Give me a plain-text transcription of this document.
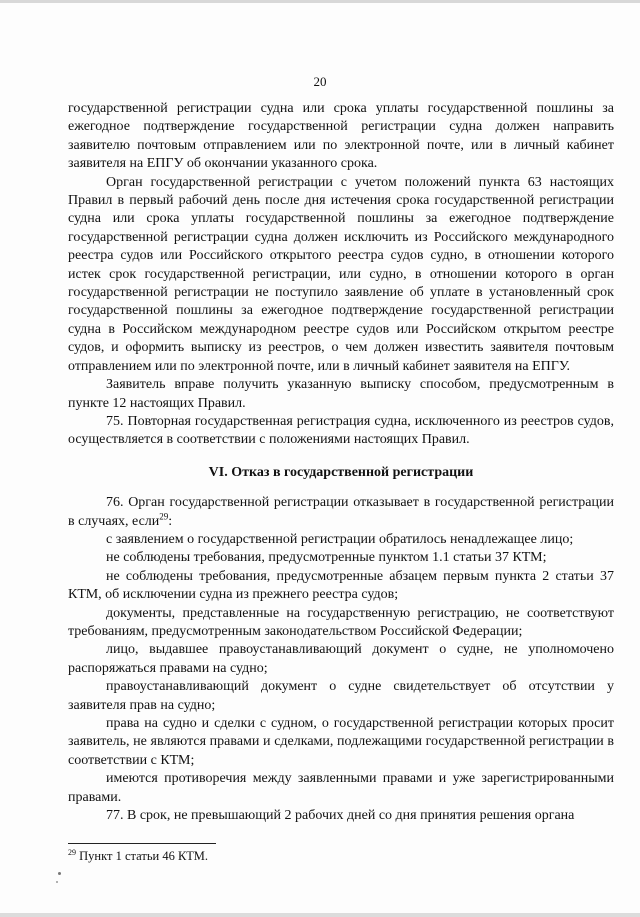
20

государственной регистрации судна или срока уплаты государственной пошлины за ежегодное подтверждение государственной регистрации судна должен направить заявителю почтовым отправлением или по электронной почте, или в личный кабинет заявителя на ЕПГУ об окончании указанного срока.

Орган государственной регистрации с учетом положений пункта 63 настоящих Правил в первый рабочий день после дня истечения срока государственной регистрации судна или срока уплаты государственной пошлины за ежегодное подтверждение государственной регистрации судна должен исключить из Российского международного реестра судов или Российского открытого реестра судов судно, в отношении которого истек срок государственной регистрации, или судно, в отношении которого в орган государственной регистрации не поступило заявление об уплате в установленный срок государственной пошлины за ежегодное подтверждение государственной регистрации судна в Российском международном реестре судов или Российском открытом реестре судов, и оформить выписку из реестров, о чем должен известить заявителя почтовым отправлением или по электронной почте, или в личный кабинет заявителя на ЕПГУ.

Заявитель вправе получить указанную выписку способом, предусмотренным в пункте 12 настоящих Правил.

75. Повторная государственная регистрация судна, исключенного из реестров судов, осуществляется в соответствии с положениями настоящих Правил.

VI. Отказ в государственной регистрации

76. Орган государственной регистрации отказывает в государственной регистрации в случаях, если$^{29}$:

с заявлением о государственной регистрации обратилось ненадлежащее лицо;

не соблюдены требования, предусмотренные пунктом 1.1 статьи 37 КТМ;

не соблюдены требования, предусмотренные абзацем первым пункта 2 статьи 37 КТМ, об исключении судна из прежнего реестра судов;

документы, представленные на государственную регистрацию, не соответствуют требованиям, предусмотренным законодательством Российской Федерации;

лицо, выдавшее правоустанавливающий документ о судне, не уполномочено распоряжаться правами на судно;

правоустанавливающий документ о судне свидетельствует об отсутствии у заявителя прав на судно;

права на судно и сделки с судном, о государственной регистрации которых просит заявитель, не являются правами и сделками, подлежащими государственной регистрации в соответствии с КТМ;

имеются противоречия между заявленными правами и уже зарегистрированными правами.

77. В срок, не превышающий 2 рабочих дней со дня принятия решения органа

$^{29}$ Пункт 1 статьи 46 КТМ.
